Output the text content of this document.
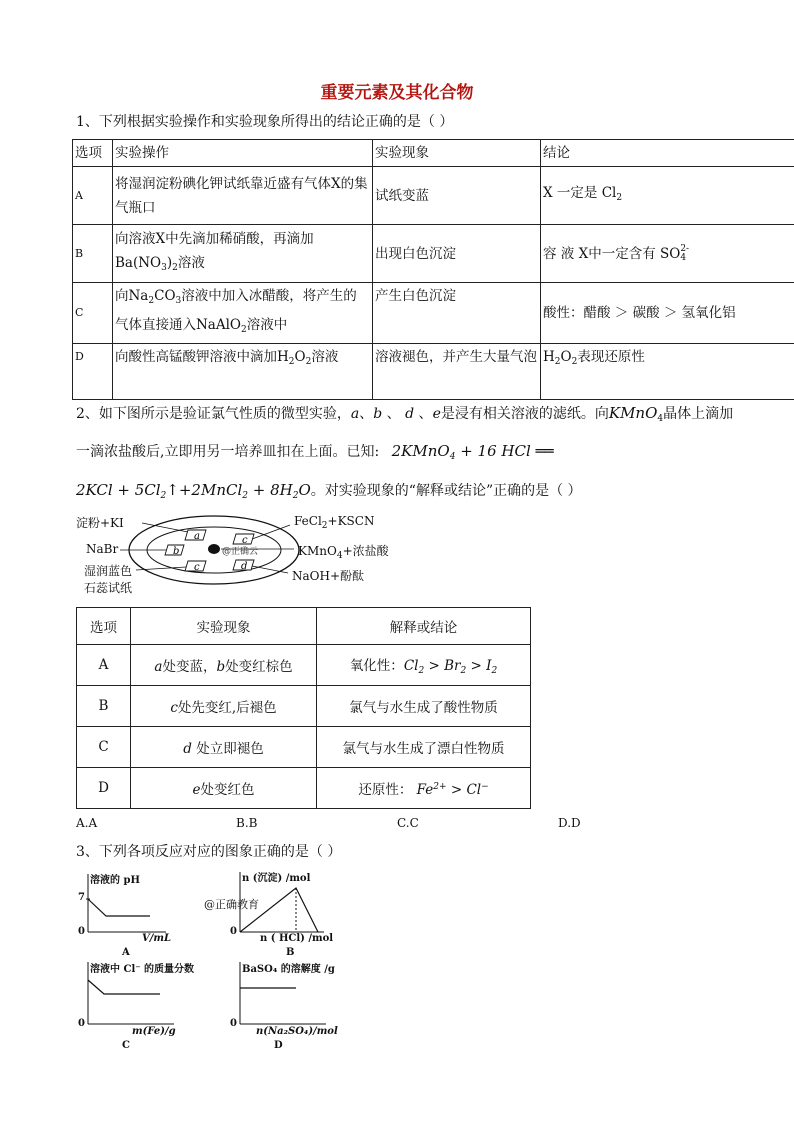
重要元素及其化合物
1、下列根据实验操作和实验现象所得出的结论正确的是（ ）
选项	实验操作	实验现象	结论
A	将湿润淀粉碘化钾试纸靠近盛有气体X的集气瓶口	试纸变蓝	X 一定是 $Cl_2$
B	向溶液X中先滴加稀硝酸，再滴加$Ba(NO_3)_2$溶液	出现白色沉淀	容 液 X中一定含有 SO 2-
4

C	向$Na_2CO_3$溶液中加入冰醋酸，将产生的气体直接通入NaAlO$_2$溶液中	产生白色沉淀	酸性：醋酸 ＞ 碳酸 ＞ 氢氧化铝
D	向酸性高锰酸钾溶液中滴加$H_2O_2$溶液	溶液褪色，并产生大量气泡	$H_2O_2$表现还原性
2、如下图所示是验证氯气性质的微型实验，a、b 、 d 、e是浸有相关溶液的滤纸。向KMnO$_4$晶体上滴加
一滴浓盐酸后,立即用另一培养皿扣在上面。已知: 2KMnO$_4$ + 16 HCl ══
$2KCl + 5Cl_2↑+2MnCl_2 + 8H_2O$。对实验现象的“解释或结论”正确的是（ ）
a
b
c
c
d
淀粉+KI
NaBr
湿润蓝色
石蕊试纸
FeCl$_2$+KSCN
KMnO$_4$+浓盐酸
NaOH+酚酞
@正确云
选项	实验现象	解释或结论
A	a处变蓝，b处变红棕色	氧化性：$Cl_2 > Br_2 > I_2$
B	c处先变红,后褪色	氯气与水生成了酸性物质
C	d 处立即褪色	氯气与水生成了漂白性物质
D	e处变红色	还原性： $Fe^{2+} > Cl^-$
A.A	B.B	C.C	D.D
3、下列各项反应对应的图象正确的是（ ）
溶液的 pH
7
0
V/mL
A
n (沉淀) /mol
0
n ( HCl) /mol
B
@正确教育
溶液中 Cl⁻ 的质量分数
0
m(Fe)/g
C
BaSO₄ 的溶解度 /g
0
n(Na₂SO₄)/mol
D
